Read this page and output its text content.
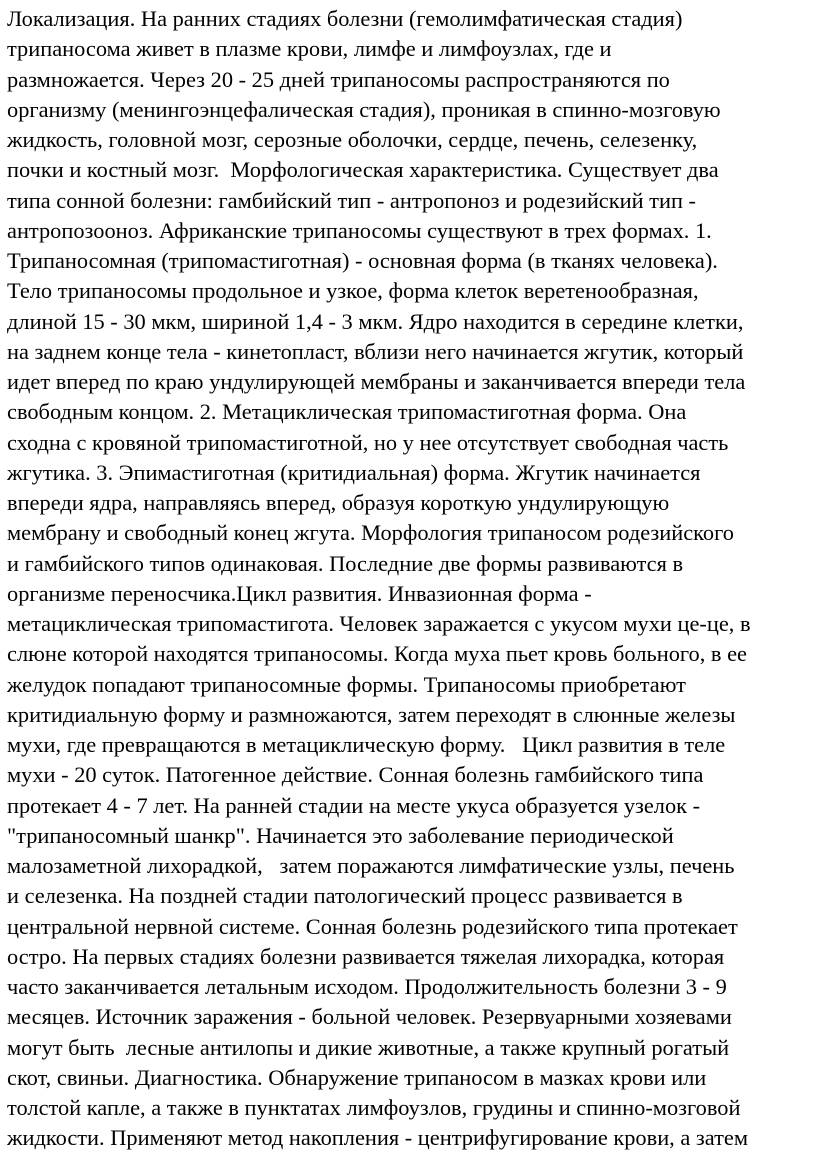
Локализация. На ранних стадиях болезни (гемолимфатическая стадия)
трипаносома живет в плазме крови, лимфе и лимфоузлах, где и
размножается. Через 20 - 25 дней трипаносомы распространяются по
организму (менингоэнцефалическая стадия), проникая в спинно-мозговую
жидкость, головной мозг, серозные оболочки, сердце, печень, селезенку,
почки и костный мозг.  Морфологическая характеристика. Существует два
типа сонной болезни: гамбийский тип - антропоноз и родезийский тип -
антропозооноз. Африканские трипаносомы существуют в трех формах. 1.
Трипаносомная (трипомастиготная) - основная форма (в тканях человека).
Тело трипаносомы продольное и узкое, форма клеток веретенообразная,
длиной 15 - 30 мкм, шириной 1,4 - 3 мкм. Ядро находится в середине клетки,
на заднем конце тела - кинетопласт, вблизи него начинается жгутик, который
идет вперед по краю ундулирующей мембраны и заканчивается впереди тела
свободным концом. 2. Метациклическая трипомастиготная форма. Она
сходна с кровяной трипомастиготной, но у нее отсутствует свободная часть
жгутика. 3. Эпимастиготная (критидиальная) форма. Жгутик начинается
впереди ядра, направляясь вперед, образуя короткую ундулирующую
мембрану и свободный конец жгута. Морфология трипаносом родезийского
и гамбийского типов одинаковая. Последние две формы развиваются в
организме переносчика.Цикл развития. Инвазионная форма -
метациклическая трипомастигота. Человек заражается с укусом мухи це-це, в
слюне которой находятся трипаносомы. Когда муха пьет кровь больного, в ее
желудок попадают трипаносомные формы. Трипаносомы приобретают
критидиальную форму и размножаются, затем переходят в слюнные железы
мухи, где превращаются в метациклическую форму.   Цикл развития в теле
мухи - 20 суток. Патогенное действие. Сонная болезнь гамбийского типа
протекает 4 - 7 лет. На ранней стадии на месте укуса образуется узелок -
"трипаносомный шанкр". Начинается это заболевание периодической
малозаметной лихорадкой,   затем поражаются лимфатические узлы, печень
и селезенка. На поздней стадии патологический процесс развивается в
центральной нервной системе. Сонная болезнь родезийского типа протекает
остро. На первых стадиях болезни развивается тяжелая лихорадка, которая
часто заканчивается летальным исходом. Продолжительность болезни 3 - 9
месяцев. Источник заражения - больной человек. Резервуарными хозяевами
могут быть  лесные антилопы и дикие животные, а также крупный рогатый
скот, свиньи. Диагностика. Обнаружение трипаносом в мазках крови или
толстой капле, а также в пунктатах лимфоузлов, грудины и спинно-мозговой
жидкости. Применяют метод накопления - центрифугирование крови, а затем
